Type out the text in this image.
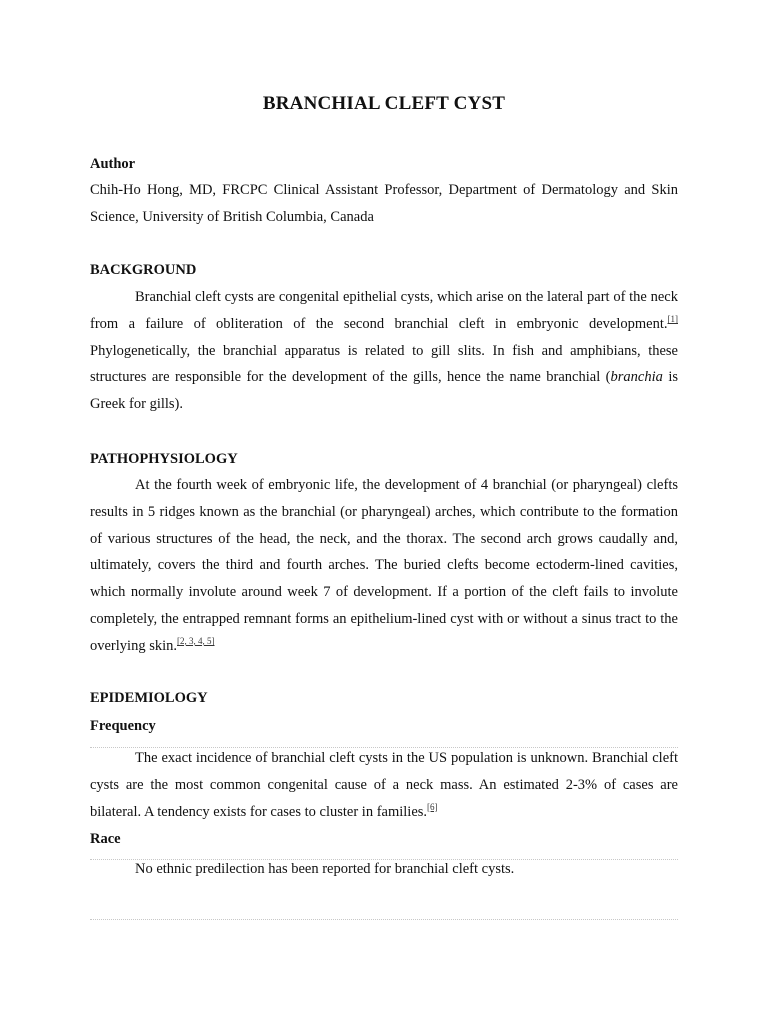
BRANCHIAL CLEFT CYST

Author

Chih-Ho Hong, MD, FRCPC Clinical Assistant Professor, Department of Dermatology and Skin Science, University of British Columbia, Canada

BACKGROUND

Branchial cleft cysts are congenital epithelial cysts, which arise on the lateral part of the neck from a failure of obliteration of the second branchial cleft in embryonic development.[1] Phylogenetically, the branchial apparatus is related to gill slits. In fish and amphibians, these structures are responsible for the development of the gills, hence the name branchial (branchia is Greek for gills).

PATHOPHYSIOLOGY

At the fourth week of embryonic life, the development of 4 branchial (or pharyngeal) clefts results in 5 ridges known as the branchial (or pharyngeal) arches, which contribute to the formation of various structures of the head, the neck, and the thorax. The second arch grows caudally and, ultimately, covers the third and fourth arches. The buried clefts become ectoderm-lined cavities, which normally involute around week 7 of development. If a portion of the cleft fails to involute completely, the entrapped remnant forms an epithelium-lined cyst with or without a sinus tract to the overlying skin.[2, 3, 4, 5]

EPIDEMIOLOGY

Frequency

The exact incidence of branchial cleft cysts in the US population is unknown. Branchial cleft cysts are the most common congenital cause of a neck mass. An estimated 2-3% of cases are bilateral. A tendency exists for cases to cluster in families.[6]

Race

No ethnic predilection has been reported for branchial cleft cysts.
